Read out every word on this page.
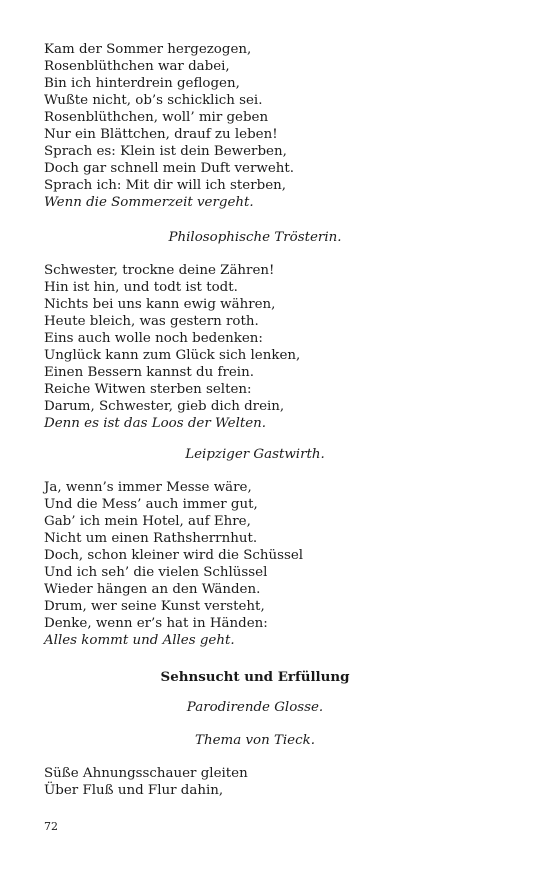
Kam der Sommer hergezogen,
Rosenblüthchen war dabei,
Bin ich hinterdrein geflogen,
Wußte nicht, ob’s schicklich sei.
Rosenblüthchen, woll’ mir geben
Nur ein Blättchen, drauf zu leben!
Sprach es: Klein ist dein Bewerben,
Doch gar schnell mein Duft verweht.
Sprach ich: Mit dir will ich sterben,
Wenn die Sommerzeit vergeht.
Philosophische Trösterin.
Schwester, trockne deine Zähren!
Hin ist hin, und todt ist todt.
Nichts bei uns kann ewig währen,
Heute bleich, was gestern roth.
Eins auch wolle noch bedenken:
Unglück kann zum Glück sich lenken,
Einen Bessern kannst du frein.
Reiche Witwen sterben selten:
Darum, Schwester, gieb dich drein,
Denn es ist das Loos der Welten.
Leipziger Gastwirth.
Ja, wenn’s immer Messe wäre,
Und die Mess’ auch immer gut,
Gab’ ich mein Hotel, auf Ehre,
Nicht um einen Rathsherrnhut.
Doch, schon kleiner wird die Schüssel
Und ich seh’ die vielen Schlüssel
Wieder hängen an den Wänden.
Drum, wer seine Kunst versteht,
Denke, wenn er’s hat in Händen:
Alles kommt und Alles geht.
Sehnsucht und Erfüllung
Parodirende Glosse.
Thema von Tieck.
Süße Ahnungsschauer gleiten
Über Fluß und Flur dahin,
72
